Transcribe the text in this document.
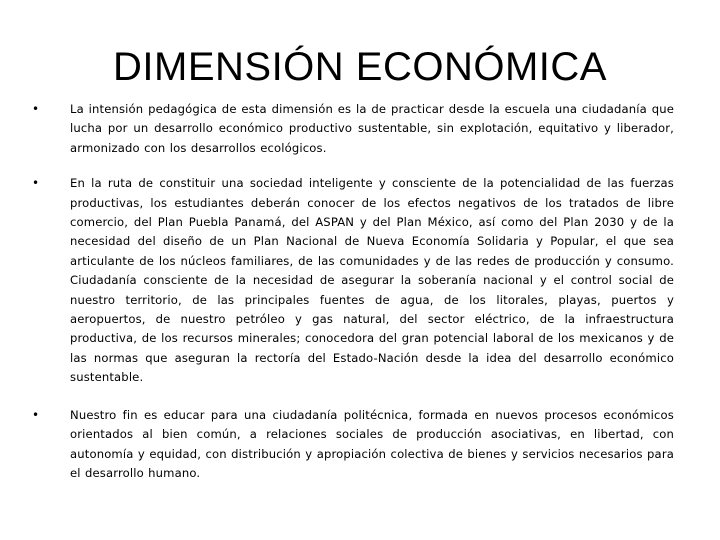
DIMENSIÓN ECONÓMICA
•	La intensión pedagógica de esta dimensión es la de practicar desde la escuela una ciudadanía que lucha por un desarrollo económico productivo sustentable, sin explotación, equitativo y liberador, armonizado con los desarrollos ecológicos.
•	En la ruta de constituir una sociedad inteligente y consciente de la potencialidad de las fuerzas productivas, los estudiantes deberán conocer de los efectos negativos de los tratados de libre comercio, del Plan Puebla Panamá, del ASPAN y del Plan México, así como del Plan 2030 y de la necesidad del diseño de un Plan Nacional de Nueva Economía Solidaria y Popular, el que sea articulante de los núcleos familiares, de las comunidades y de las redes de producción y consumo. Ciudadanía consciente de la necesidad de asegurar la soberanía nacional y el control social de nuestro territorio, de las principales fuentes de agua, de los litorales, playas, puertos y aeropuertos, de nuestro petróleo y gas natural, del sector eléctrico, de la infraestructura productiva, de los recursos minerales; conocedora del gran potencial laboral de los mexicanos y de las normas que aseguran la rectoría del Estado-Nación desde la idea del desarrollo económico sustentable.
•	Nuestro fin es educar para una ciudadanía politécnica, formada en nuevos procesos económicos orientados al bien común, a relaciones sociales de producción asociativas, en libertad, con autonomía y equidad, con distribución y apropiación colectiva de bienes y servicios necesarios para el desarrollo humano.
